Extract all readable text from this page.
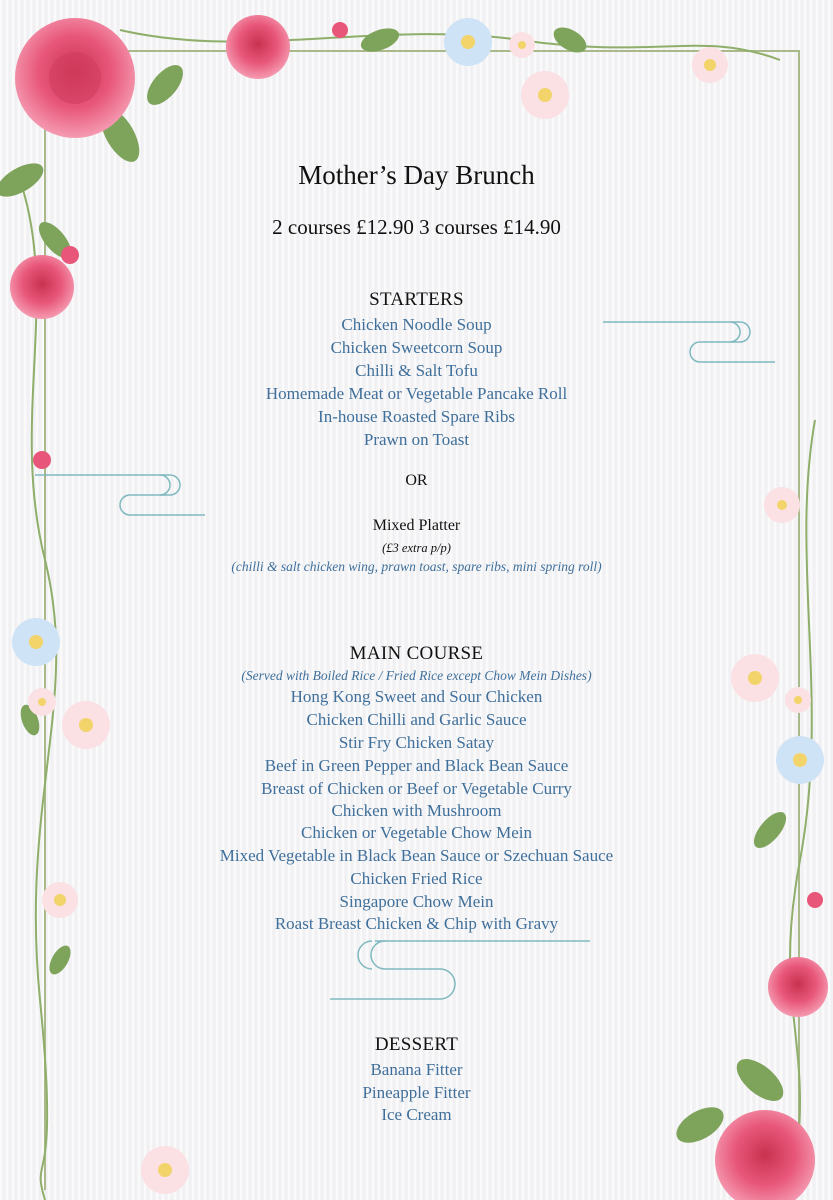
Mother’s Day Brunch
2 courses £12.90 3 courses £14.90
STARTERS
Chicken Noodle Soup
Chicken Sweetcorn Soup
Chilli & Salt Tofu
Homemade Meat or Vegetable Pancake Roll
In-house Roasted Spare Ribs
Prawn on Toast
OR
Mixed Platter
(£3 extra p/p)
(chilli & salt chicken wing, prawn toast, spare ribs, mini spring roll)
MAIN COURSE
(Served with Boiled Rice / Fried Rice except Chow Mein Dishes)
Hong Kong Sweet and Sour Chicken
Chicken Chilli and Garlic Sauce
Stir Fry Chicken Satay
Beef in Green Pepper and Black Bean Sauce
Breast of Chicken or Beef or Vegetable Curry
Chicken with Mushroom
Chicken or Vegetable Chow Mein
Mixed Vegetable in Black Bean Sauce or Szechuan Sauce
Chicken Fried Rice
Singapore Chow Mein
Roast Breast Chicken & Chip with Gravy
DESSERT
Banana Fitter
Pineapple Fitter
Ice Cream
